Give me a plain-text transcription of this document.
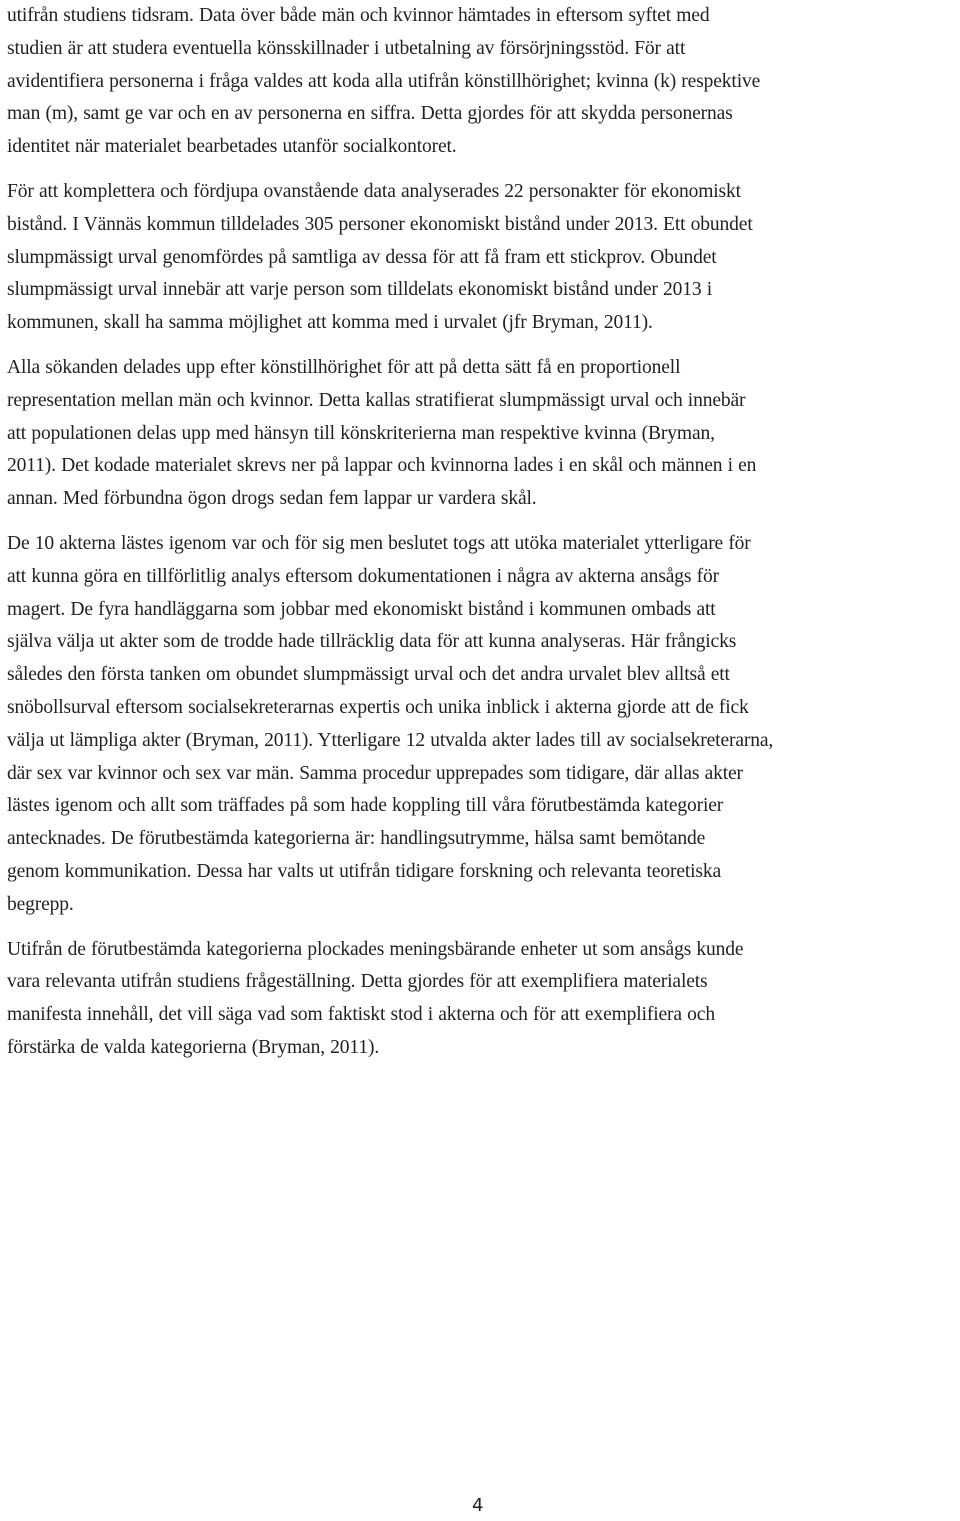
utifrån studiens tidsram. Data över både män och kvinnor hämtades in eftersom syftet med
studien är att studera eventuella könsskillnader i utbetalning av försörjningsstöd. För att
avidentifiera personerna i fråga valdes att koda alla utifrån könstillhörighet; kvinna (k) respektive
man (m), samt ge var och en av personerna en siffra. Detta gjordes för att skydda personernas
identitet när materialet bearbetades utanför socialkontoret.

För att komplettera och fördjupa ovanstående data analyserades 22 personakter för ekonomiskt
bistånd. I Vännäs kommun tilldelades 305 personer ekonomiskt bistånd under 2013. Ett obundet
slumpmässigt urval genomfördes på samtliga av dessa för att få fram ett stickprov. Obundet
slumpmässigt urval innebär att varje person som tilldelats ekonomiskt bistånd under 2013 i
kommunen, skall ha samma möjlighet att komma med i urvalet (jfr Bryman, 2011).

Alla sökanden delades upp efter könstillhörighet för att på detta sätt få en proportionell
representation mellan män och kvinnor. Detta kallas stratifierat slumpmässigt urval och innebär
att populationen delas upp med hänsyn till könskriterierna man respektive kvinna (Bryman,
2011). Det kodade materialet skrevs ner på lappar och kvinnorna lades i en skål och männen i en
annan. Med förbundna ögon drogs sedan fem lappar ur vardera skål.

De 10 akterna lästes igenom var och för sig men beslutet togs att utöka materialet ytterligare för
att kunna göra en tillförlitlig analys eftersom dokumentationen i några av akterna ansågs för
magert. De fyra handläggarna som jobbar med ekonomiskt bistånd i kommunen ombads att
själva välja ut akter som de trodde hade tillräcklig data för att kunna analyseras. Här frångicks
således den första tanken om obundet slumpmässigt urval och det andra urvalet blev alltså ett
snöbollsurval eftersom socialsekreterarnas expertis och unika inblick i akterna gjorde att de fick
välja ut lämpliga akter (Bryman, 2011). Ytterligare 12 utvalda akter lades till av socialsekreterarna,
där sex var kvinnor och sex var män. Samma procedur upprepades som tidigare, där allas akter
lästes igenom och allt som träffades på som hade koppling till våra förutbestämda kategorier
antecknades. De förutbestämda kategorierna är: handlingsutrymme, hälsa samt bemötande
genom kommunikation. Dessa har valts ut utifrån tidigare forskning och relevanta teoretiska
begrepp.

Utifrån de förutbestämda kategorierna plockades meningsbärande enheter ut som ansågs kunde
vara relevanta utifrån studiens frågeställning. Detta gjordes för att exemplifiera materialets
manifesta innehåll, det vill säga vad som faktiskt stod i akterna och för att exemplifiera och
förstärka de valda kategorierna (Bryman, 2011).

4
